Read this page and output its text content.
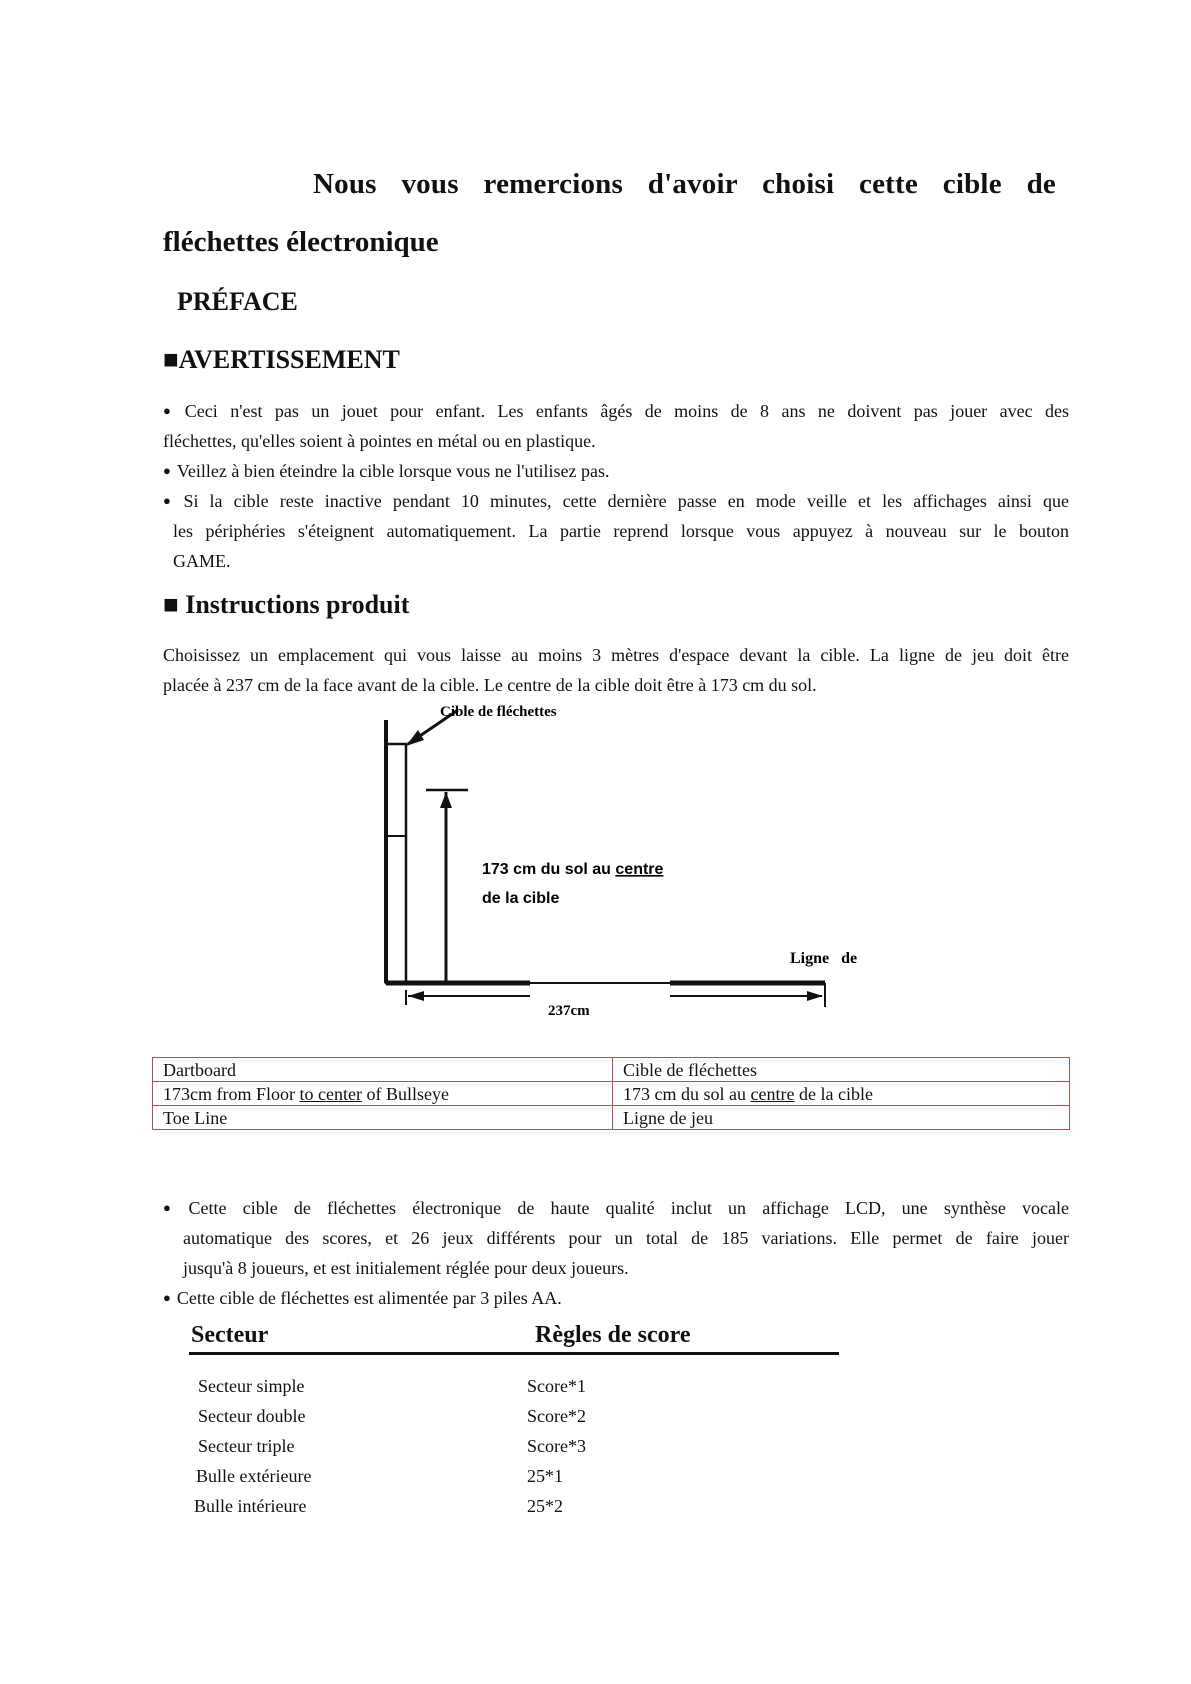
Nous vous remercions d'avoir choisi cette cible de
fléchettes électronique
PRÉFACE
■AVERTISSEMENT
● Ceci n'est pas un jouet pour enfant. Les enfants âgés de moins de 8 ans ne doivent pas jouer avec des
fléchettes, qu'elles soient à pointes en métal ou en plastique.
● Veillez à bien éteindre la cible lorsque vous ne l'utilisez pas.
● Si la cible reste inactive pendant 10 minutes, cette dernière passe en mode veille et les affichages ainsi que
les périphéries s'éteignent automatiquement. La partie reprend lorsque vous appuyez à nouveau sur le bouton
GAME.
■ Instructions produit
Choisissez un emplacement qui vous laisse au moins 3 mètres d'espace devant la cible. La ligne de jeu doit être
placée à 237 cm de la face avant de la cible. Le centre de la cible doit être à 173 cm du sol.
Cible de fléchettes
173 cm du sol au centre
de la cible
Ligne   de
237cm
Dartboard	Cible de fléchettes
173cm from Floor to center of Bullseye	173 cm du sol au centre de la cible
Toe Line	Ligne de jeu
● Cette cible de fléchettes électronique de haute qualité inclut un affichage LCD, une synthèse vocale
automatique des scores, et 26 jeux différents pour un total de 185 variations. Elle permet de faire jouer
jusqu'à 8 joueurs, et est initialement réglée pour deux joueurs.
● Cette cible de fléchettes est alimentée par 3 piles AA.
Secteur	Règles de score
Secteur simple	Score*1
Secteur double	Score*2
Secteur triple	Score*3
Bulle extérieure	25*1
Bulle intérieure	25*2
